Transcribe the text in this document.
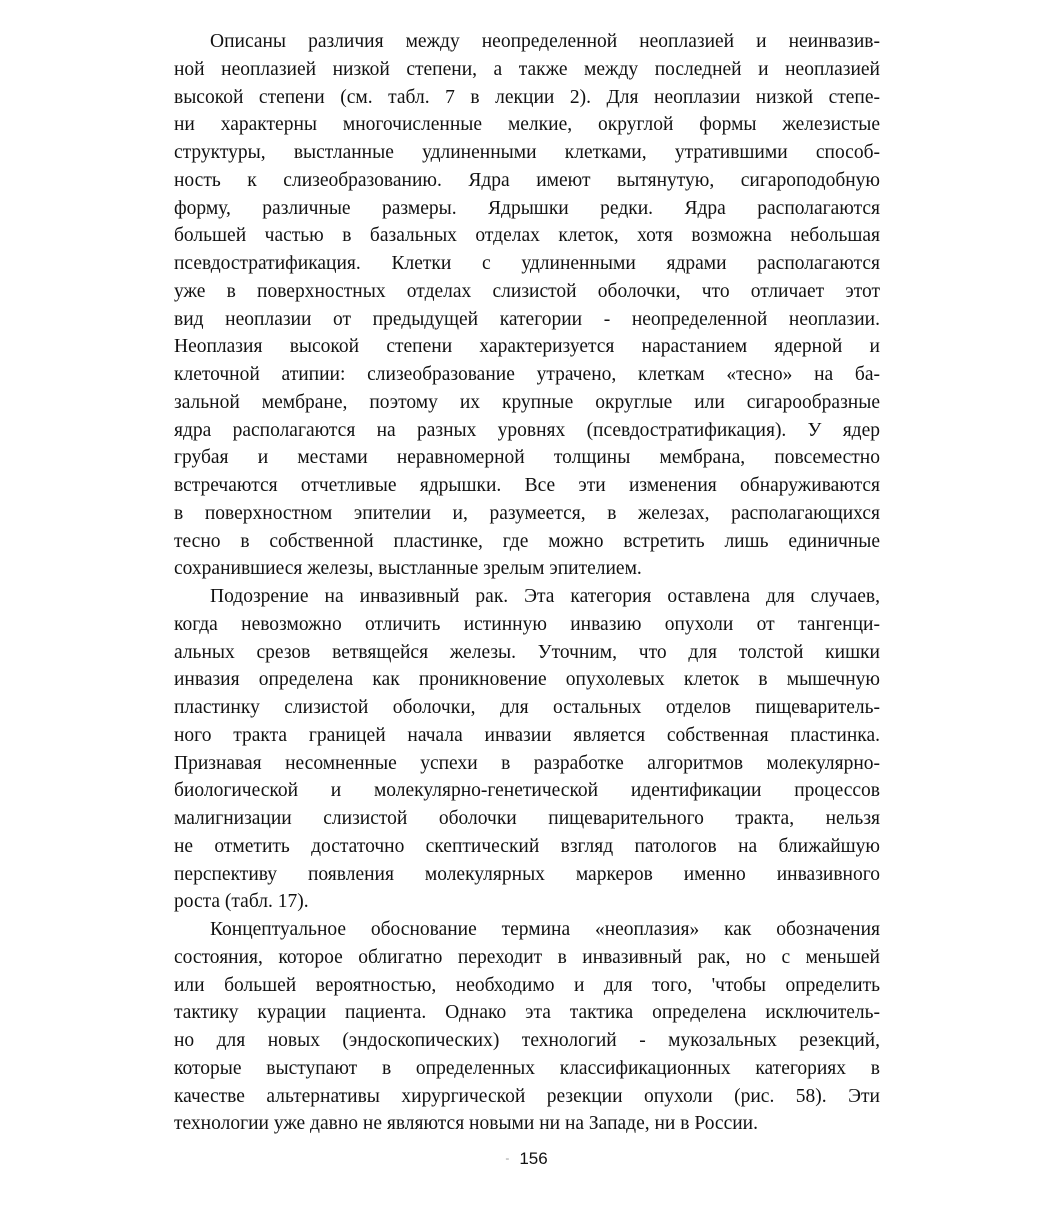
Описаны различия между неопределенной неоплазией и неинвазив-
ной неоплазией низкой степени, а также между последней и неоплазией
высокой степени (см. табл. 7 в лекции 2). Для неоплазии низкой степе-
ни характерны многочисленные мелкие, округлой формы железистые
структуры, выстланные удлиненными клетками, утратившими способ-
ность к слизеобразованию. Ядра имеют вытянутую, сигароподобную
форму, различные размеры. Ядрышки редки. Ядра располагаются
большей частью в базальных отделах клеток, хотя возможна небольшая
псевдостратификация. Клетки с удлиненными ядрами располагаются
уже в поверхностных отделах слизистой оболочки, что отличает этот
вид неоплазии от предыдущей категории - неопределенной неоплазии.
Неоплазия высокой степени характеризуется нарастанием ядерной и
клеточной атипии: слизеобразование утрачено, клеткам «тесно» на ба-
зальной мембране, поэтому их крупные округлые или сигарообразные
ядра располагаются на разных уровнях (псевдостратификация). У ядер
грубая и местами неравномерной толщины мембрана, повсеместно
встречаются отчетливые ядрышки. Все эти изменения обнаруживаются
в поверхностном эпителии и, разумеется, в железах, располагающихся
тесно в собственной пластинке, где можно встретить лишь единичные
сохранившиеся железы, выстланные зрелым эпителием.
Подозрение на инвазивный рак. Эта категория оставлена для случаев,
когда невозможно отличить истинную инвазию опухоли от тангенци-
альных срезов ветвящейся железы. Уточним, что для толстой кишки
инвазия определена как проникновение опухолевых клеток в мышечную
пластинку слизистой оболочки, для остальных отделов пищеваритель-
ного тракта границей начала инвазии является собственная пластинка.
Признавая несомненные успехи в разработке алгоритмов молекулярно-
биологической и молекулярно-генетической идентификации процессов
малигнизации слизистой оболочки пищеварительного тракта, нельзя
не отметить достаточно скептический взгляд патологов на ближайшую
перспективу появления молекулярных маркеров именно инвазивного
роста (табл. 17).
Концептуальное обоснование термина «неоплазия» как обозначения
состояния, которое облигатно переходит в инвазивный рак, но с меньшей
или большей вероятностью, необходимо и для того, 'чтобы определить
тактику курации пациента. Однако эта тактика определена исключитель-
но для новых (эндоскопических) технологий - мукозальных резекций,
которые выступают в определенных классификационных категориях в
качестве альтернативы хирургической резекции опухоли (рис. 58). Эти
технологии уже давно не являются новыми ни на Западе, ни в России.
- 156
